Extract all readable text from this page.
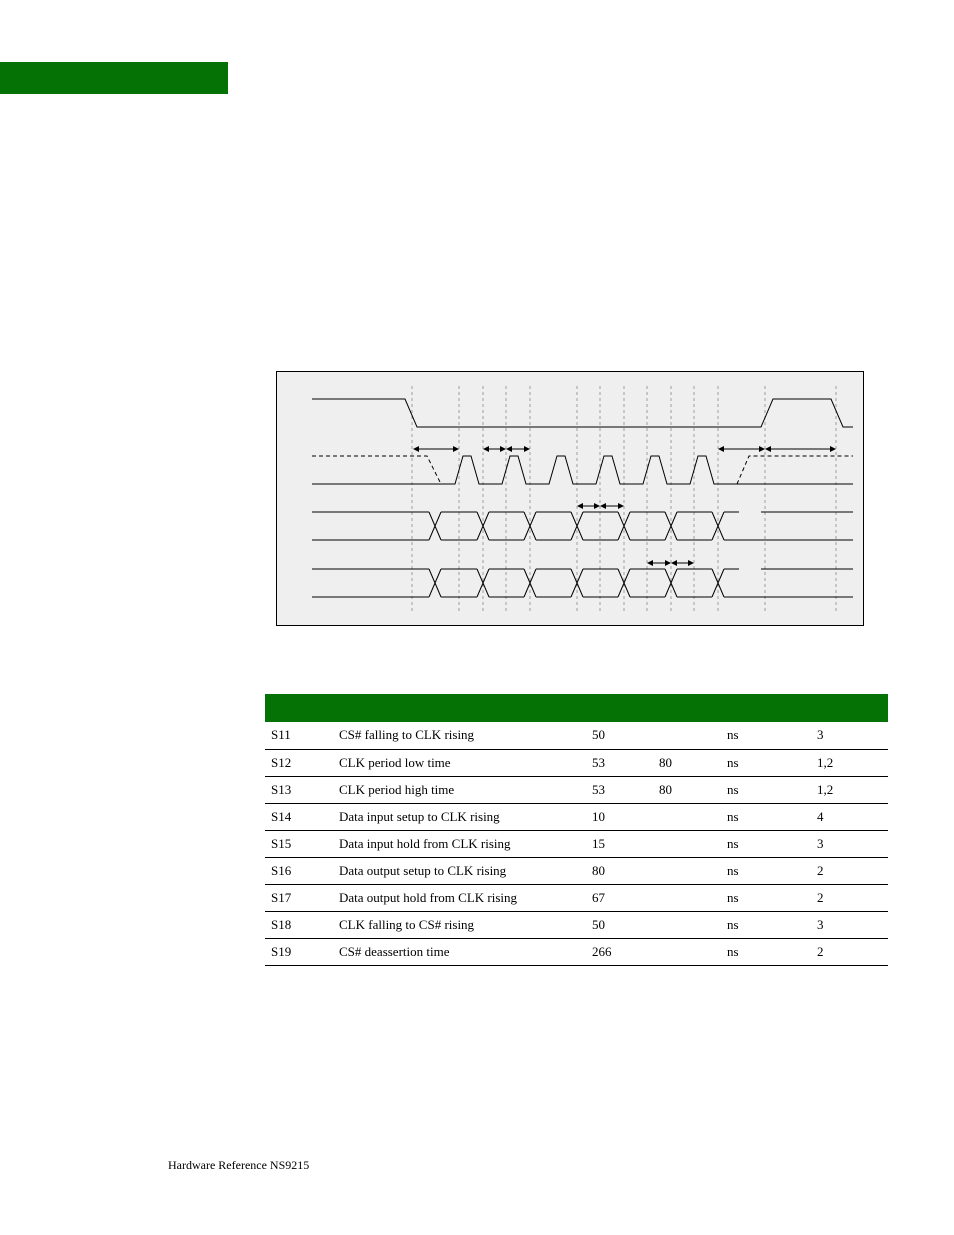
S11	CS# falling to CLK rising	50		ns	3
S12	CLK period low time	53	80	ns	1,2
S13	CLK period high time	53	80	ns	1,2
S14	Data input setup to CLK rising	10		ns	4
S15	Data input hold from CLK rising	15		ns	3
S16	Data output setup to CLK rising	80		ns	2
S17	Data output hold from CLK rising	67		ns	2
S18	CLK falling to CS# rising	50		ns	3
S19	CS# deassertion time	266		ns	2
Hardware Reference NS9215
